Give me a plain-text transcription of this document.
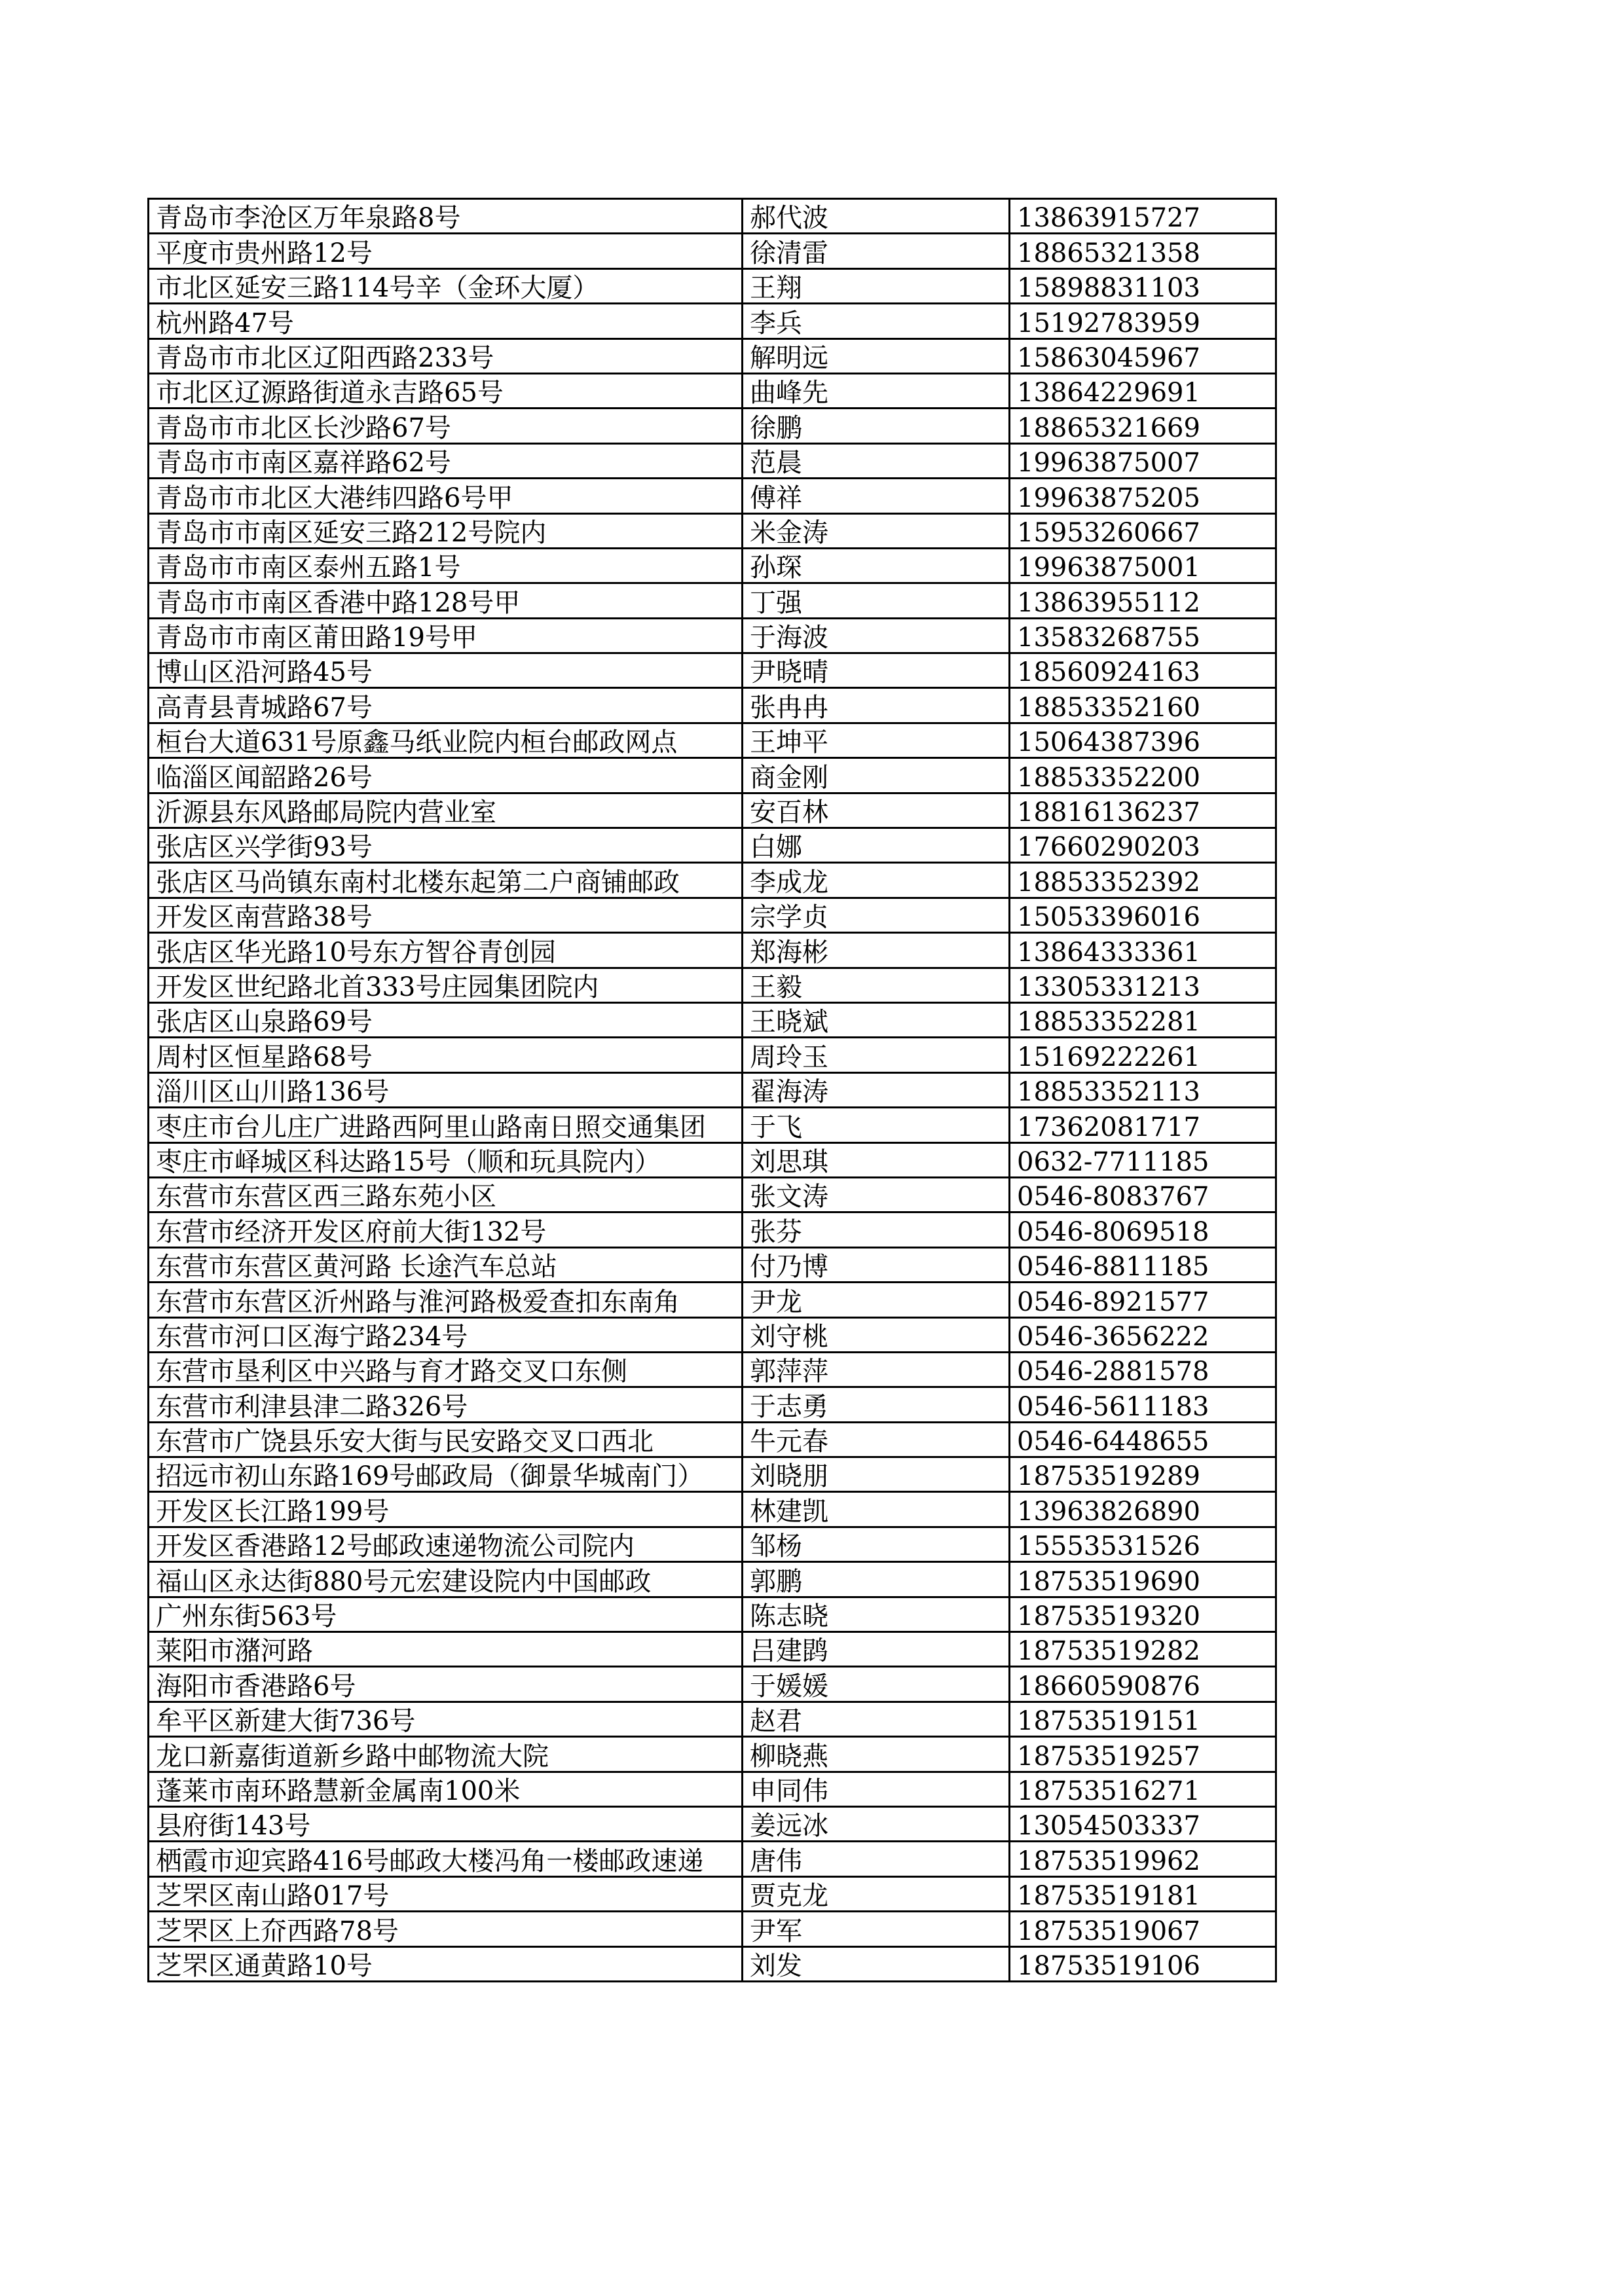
青岛市李沧区万年泉路8号	郝代波	13863915727

平度市贵州路12号	徐清雷	18865321358

市北区延安三路114号辛（金环大厦）	王翔	15898831103

杭州路47号	李兵	15192783959

青岛市市北区辽阳西路233号	解明远	15863045967

市北区辽源路街道永吉路65号	曲峰先	13864229691

青岛市市北区长沙路67号	徐鹏	18865321669

青岛市市南区嘉祥路62号	范晨	19963875007

青岛市市北区大港纬四路6号甲	傅祥	19963875205

青岛市市南区延安三路212号院内	米金涛	15953260667

青岛市市南区泰州五路1号	孙琛	19963875001

青岛市市南区香港中路128号甲	丁强	13863955112

青岛市市南区莆田路19号甲	于海波	13583268755

博山区沿河路45号	尹晓晴	18560924163

高青县青城路67号	张冉冉	18853352160

桓台大道631号原鑫马纸业院内桓台邮政网点	王坤平	15064387396

临淄区闻韶路26号	商金刚	18853352200

沂源县东风路邮局院内营业室	安百林	18816136237

张店区兴学街93号	白娜	17660290203

张店区马尚镇东南村北楼东起第二户商铺邮政	李成龙	18853352392

开发区南营路38号	宗学贞	15053396016

张店区华光路10号东方智谷青创园	郑海彬	13864333361

开发区世纪路北首333号庄园集团院内	王毅	13305331213

张店区山泉路69号	王晓斌	18853352281

周村区恒星路68号	周玲玉	15169222261

淄川区山川路136号	翟海涛	18853352113

枣庄市台儿庄广进路西阿里山路南日照交通集团	于飞	17362081717

枣庄市峄城区科达路15号（顺和玩具院内）	刘思琪	0632-7711185

东营市东营区西三路东苑小区	张文涛	0546-8083767

东营市经济开发区府前大街132号	张芬	0546-8069518

东营市东营区黄河路 长途汽车总站	付乃博	0546-8811185

东营市东营区沂州路与淮河路极爱查扣东南角	尹龙	0546-8921577

东营市河口区海宁路234号	刘守桃	0546-3656222

东营市垦利区中兴路与育才路交叉口东侧	郭萍萍	0546-2881578

东营市利津县津二路326号	于志勇	0546-5611183

东营市广饶县乐安大街与民安路交叉口西北	牛元春	0546-6448655

招远市初山东路169号邮政局（御景华城南门）	刘晓朋	18753519289

开发区长江路199号	林建凯	13963826890

开发区香港路12号邮政速递物流公司院内	邹杨	15553531526

福山区永达街880号元宏建设院内中国邮政	郭鹏	18753519690

广州东街563号	陈志晓	18753519320

莱阳市潴河路	吕建鹍	18753519282

海阳市香港路6号	于媛媛	18660590876

牟平区新建大街736号	赵君	18753519151

龙口新嘉街道新乡路中邮物流大院	柳晓燕	18753519257

蓬莱市南环路慧新金属南100米	申同伟	18753516271

县府街143号	姜远冰	13054503337

栖霞市迎宾路416号邮政大楼冯角一楼邮政速递	唐伟	18753519962

芝罘区南山路017号	贾克龙	18753519181

芝罘区上夼西路78号	尹军	18753519067

芝罘区通黄路10号	刘发	18753519106
